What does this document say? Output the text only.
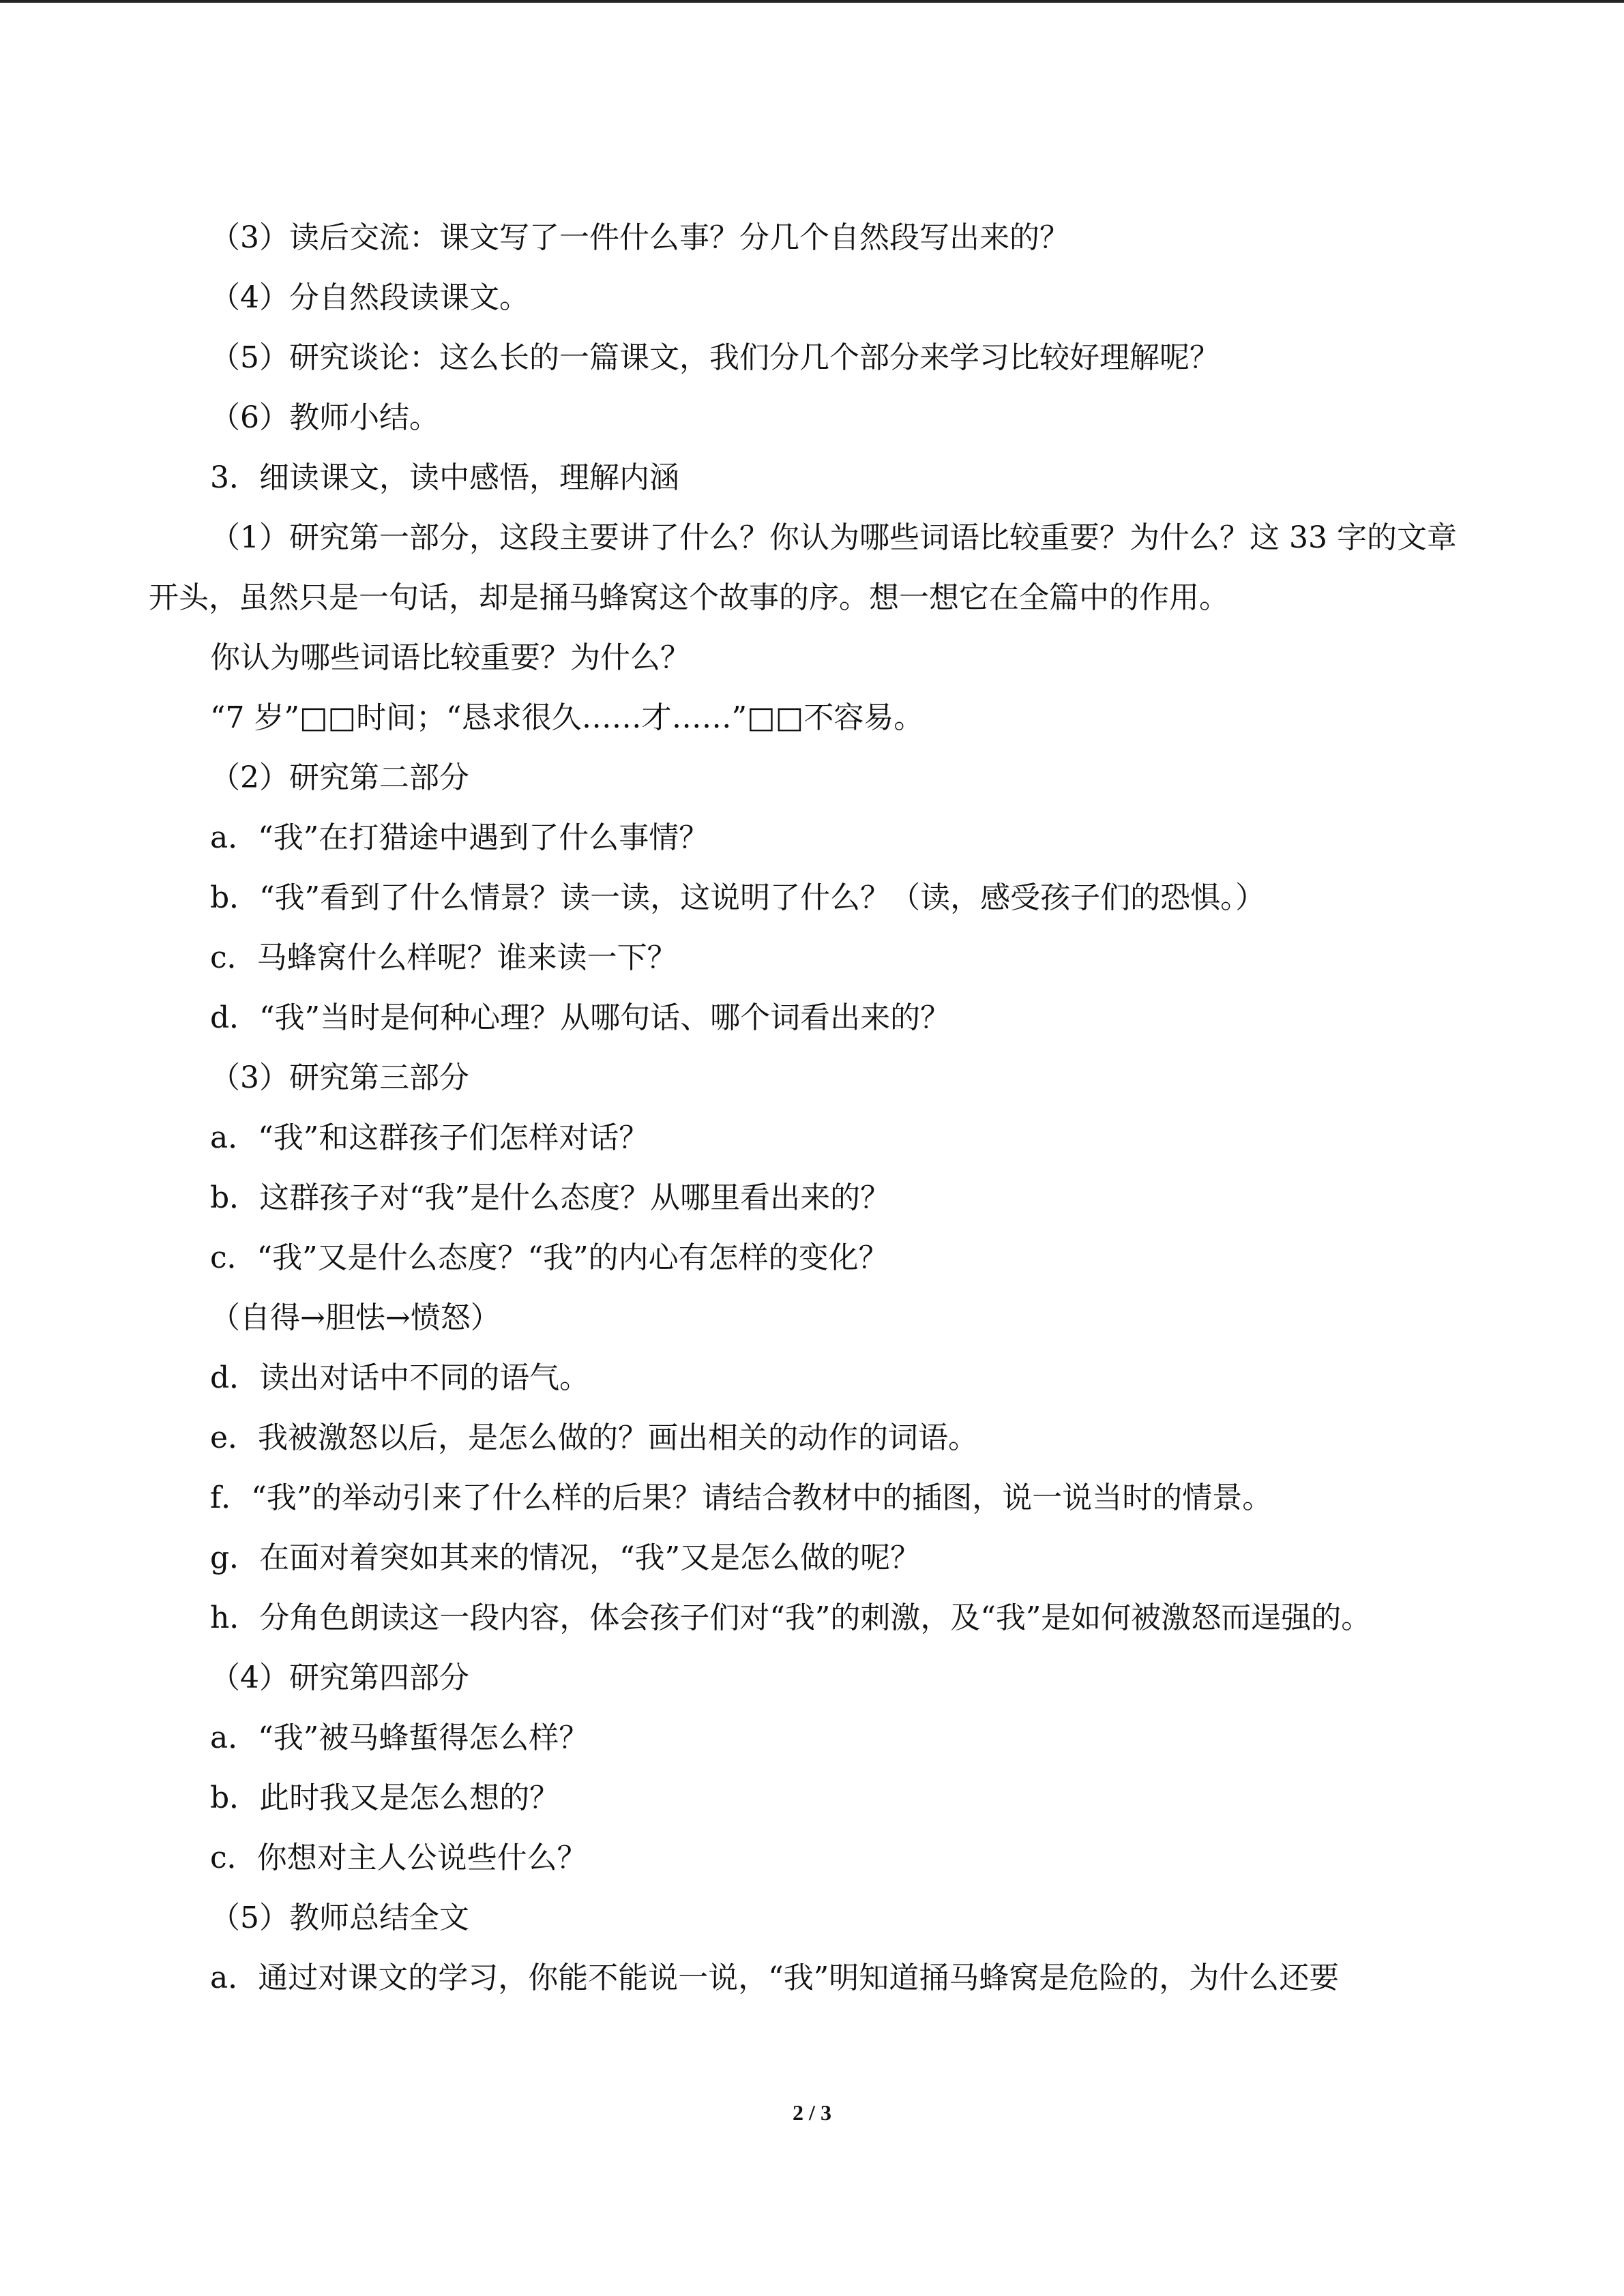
（3）读后交流：课文写了一件什么事？分几个自然段写出来的？
（4）分自然段读课文。
（5）研究谈论：这么长的一篇课文，我们分几个部分来学习比较好理解呢？
（6）教师小结。
3．细读课文，读中感悟，理解内涵
（1）研究第一部分，这段主要讲了什么？你认为哪些词语比较重要？为什么？这 33 字的文章开头，虽然只是一句话，却是捅马蜂窝这个故事的序。想一想它在全篇中的作用。
你认为哪些词语比较重要？为什么？
“7 岁”□□时间；“恳求很久……才……”□□不容易。
（2）研究第二部分
a．“我”在打猎途中遇到了什么事情？
b．“我”看到了什么情景？读一读，这说明了什么？（读，感受孩子们的恐惧。）
c．马蜂窝什么样呢？谁来读一下？
d．“我”当时是何种心理？从哪句话、哪个词看出来的？
（3）研究第三部分
a．“我”和这群孩子们怎样对话？
b．这群孩子对“我”是什么态度？从哪里看出来的？
c．“我”又是什么态度？“我”的内心有怎样的变化？
（自得→胆怯→愤怒）
d．读出对话中不同的语气。
e．我被激怒以后，是怎么做的？画出相关的动作的词语。
f．“我”的举动引来了什么样的后果？请结合教材中的插图，说一说当时的情景。
g．在面对着突如其来的情况，“我”又是怎么做的呢？
h．分角色朗读这一段内容，体会孩子们对“我”的刺激，及“我”是如何被激怒而逞强的。
（4）研究第四部分
a．“我”被马蜂蜇得怎么样？
b．此时我又是怎么想的？
c．你想对主人公说些什么？
（5）教师总结全文
a．通过对课文的学习，你能不能说一说，“我”明知道捅马蜂窝是危险的，为什么还要
2 / 3
